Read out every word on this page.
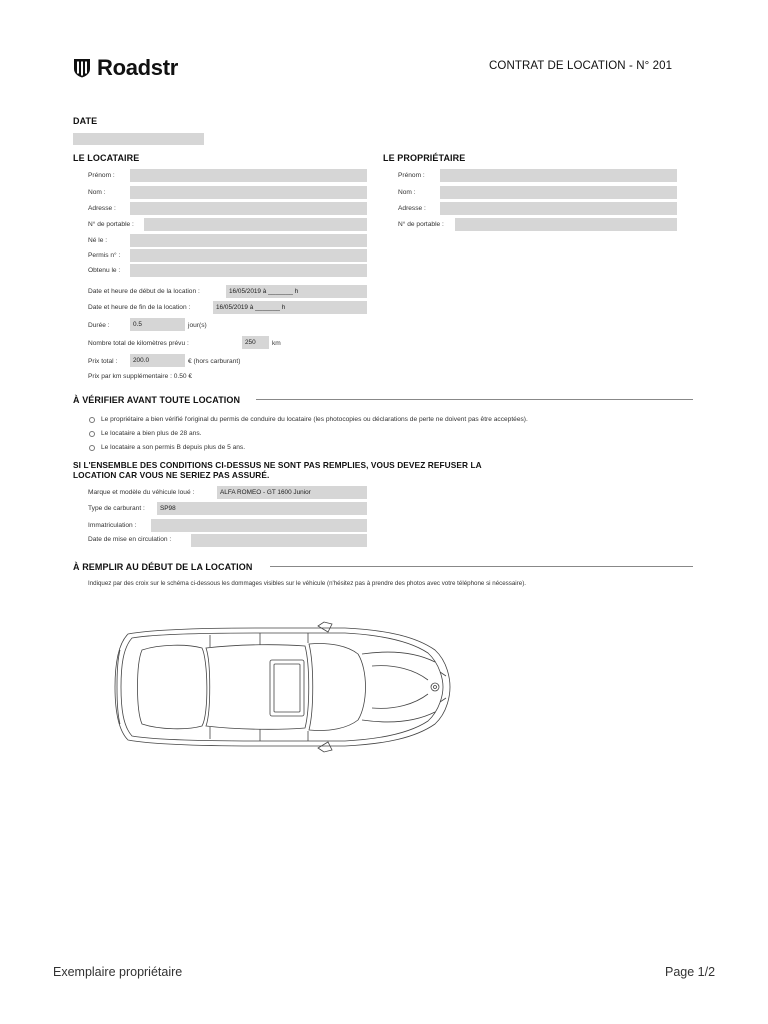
Roadstr	CONTRAT DE LOCATION - N° 201
DATE
LE LOCATAIRE
Prénom :
Nom :
Adresse :
N° de portable :
Né le :
Permis n° :
Obtenu le :
LE PROPRIÉTAIRE
Prénom :
Nom :
Adresse :
N° de portable :
Date et heure de début de la location :	16/05/2019 à _______ h
Date et heure de fin de la location :	16/05/2019 à _______ h
Durée :	0.5	jour(s)
Nombre total de kilomètres prévu :	250	km
Prix total :	200.0	€ (hors carburant)
Prix par km supplémentaire : 0.50 €
À VÉRIFIER AVANT TOUTE LOCATION
Le propriétaire a bien vérifié l'original du permis de conduire du locataire (les photocopies ou déclarations de perte ne doivent pas être acceptées).
Le locataire a bien plus de 28 ans.
Le locataire a son permis B depuis plus de 5 ans.
SI L'ENSEMBLE DES CONDITIONS CI-DESSUS NE SONT PAS REMPLIES, VOUS DEVEZ REFUSER LA
LOCATION CAR VOUS NE SERIEZ PAS ASSURÉ.
Marque et modèle du véhicule loué :	ALFA ROMEO - GT 1600 Junior
Type de carburant :	SP98
Immatriculation :
Date de mise en circulation :
À REMPLIR AU DÉBUT DE LA LOCATION
Indiquez par des croix sur le schéma ci-dessous les dommages visibles sur le véhicule (n'hésitez pas à prendre des photos avec votre téléphone si nécessaire).
Exemplaire propriétaire	Page 1/2
